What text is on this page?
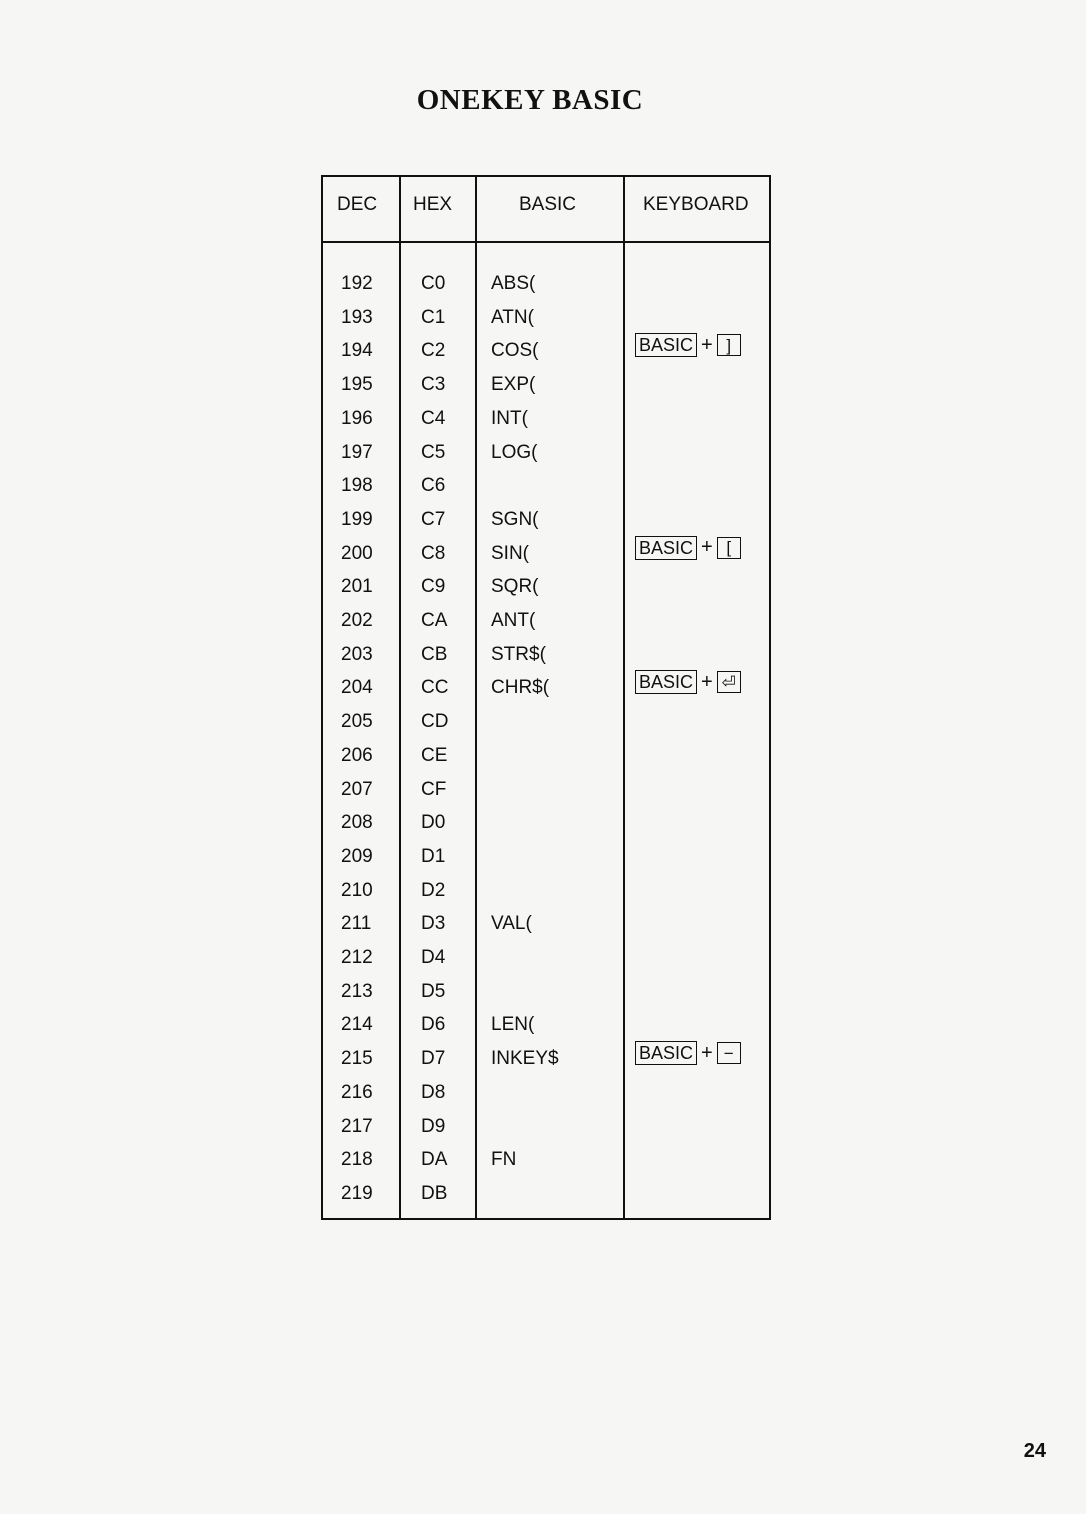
ONEKEY BASIC
DEC HEX	BASIC	KEYBOARD
192	C0 ABS(
193	C1 ATN(
194	C2 COS(	BASIC + ]
195	C3 EXP(
196	C4 INT(
197	C5 LOG(
198	C6
199	C7 SGN(
200	C8 SIN(	BASIC + [
201	C9 SQR(
202	CA ANT(
203	CB STR$(
204	CC CHR$(	BASIC + ⏎
205	CD
206	CE
207	CF
208	D0
209	D1
210	D2
211	D3 VAL(
212	D4
213	D5
214	D6 LEN(
215	D7 INKEY$	BASIC + −
216	D8
217	D9
218	DA FN
219	DB
24
